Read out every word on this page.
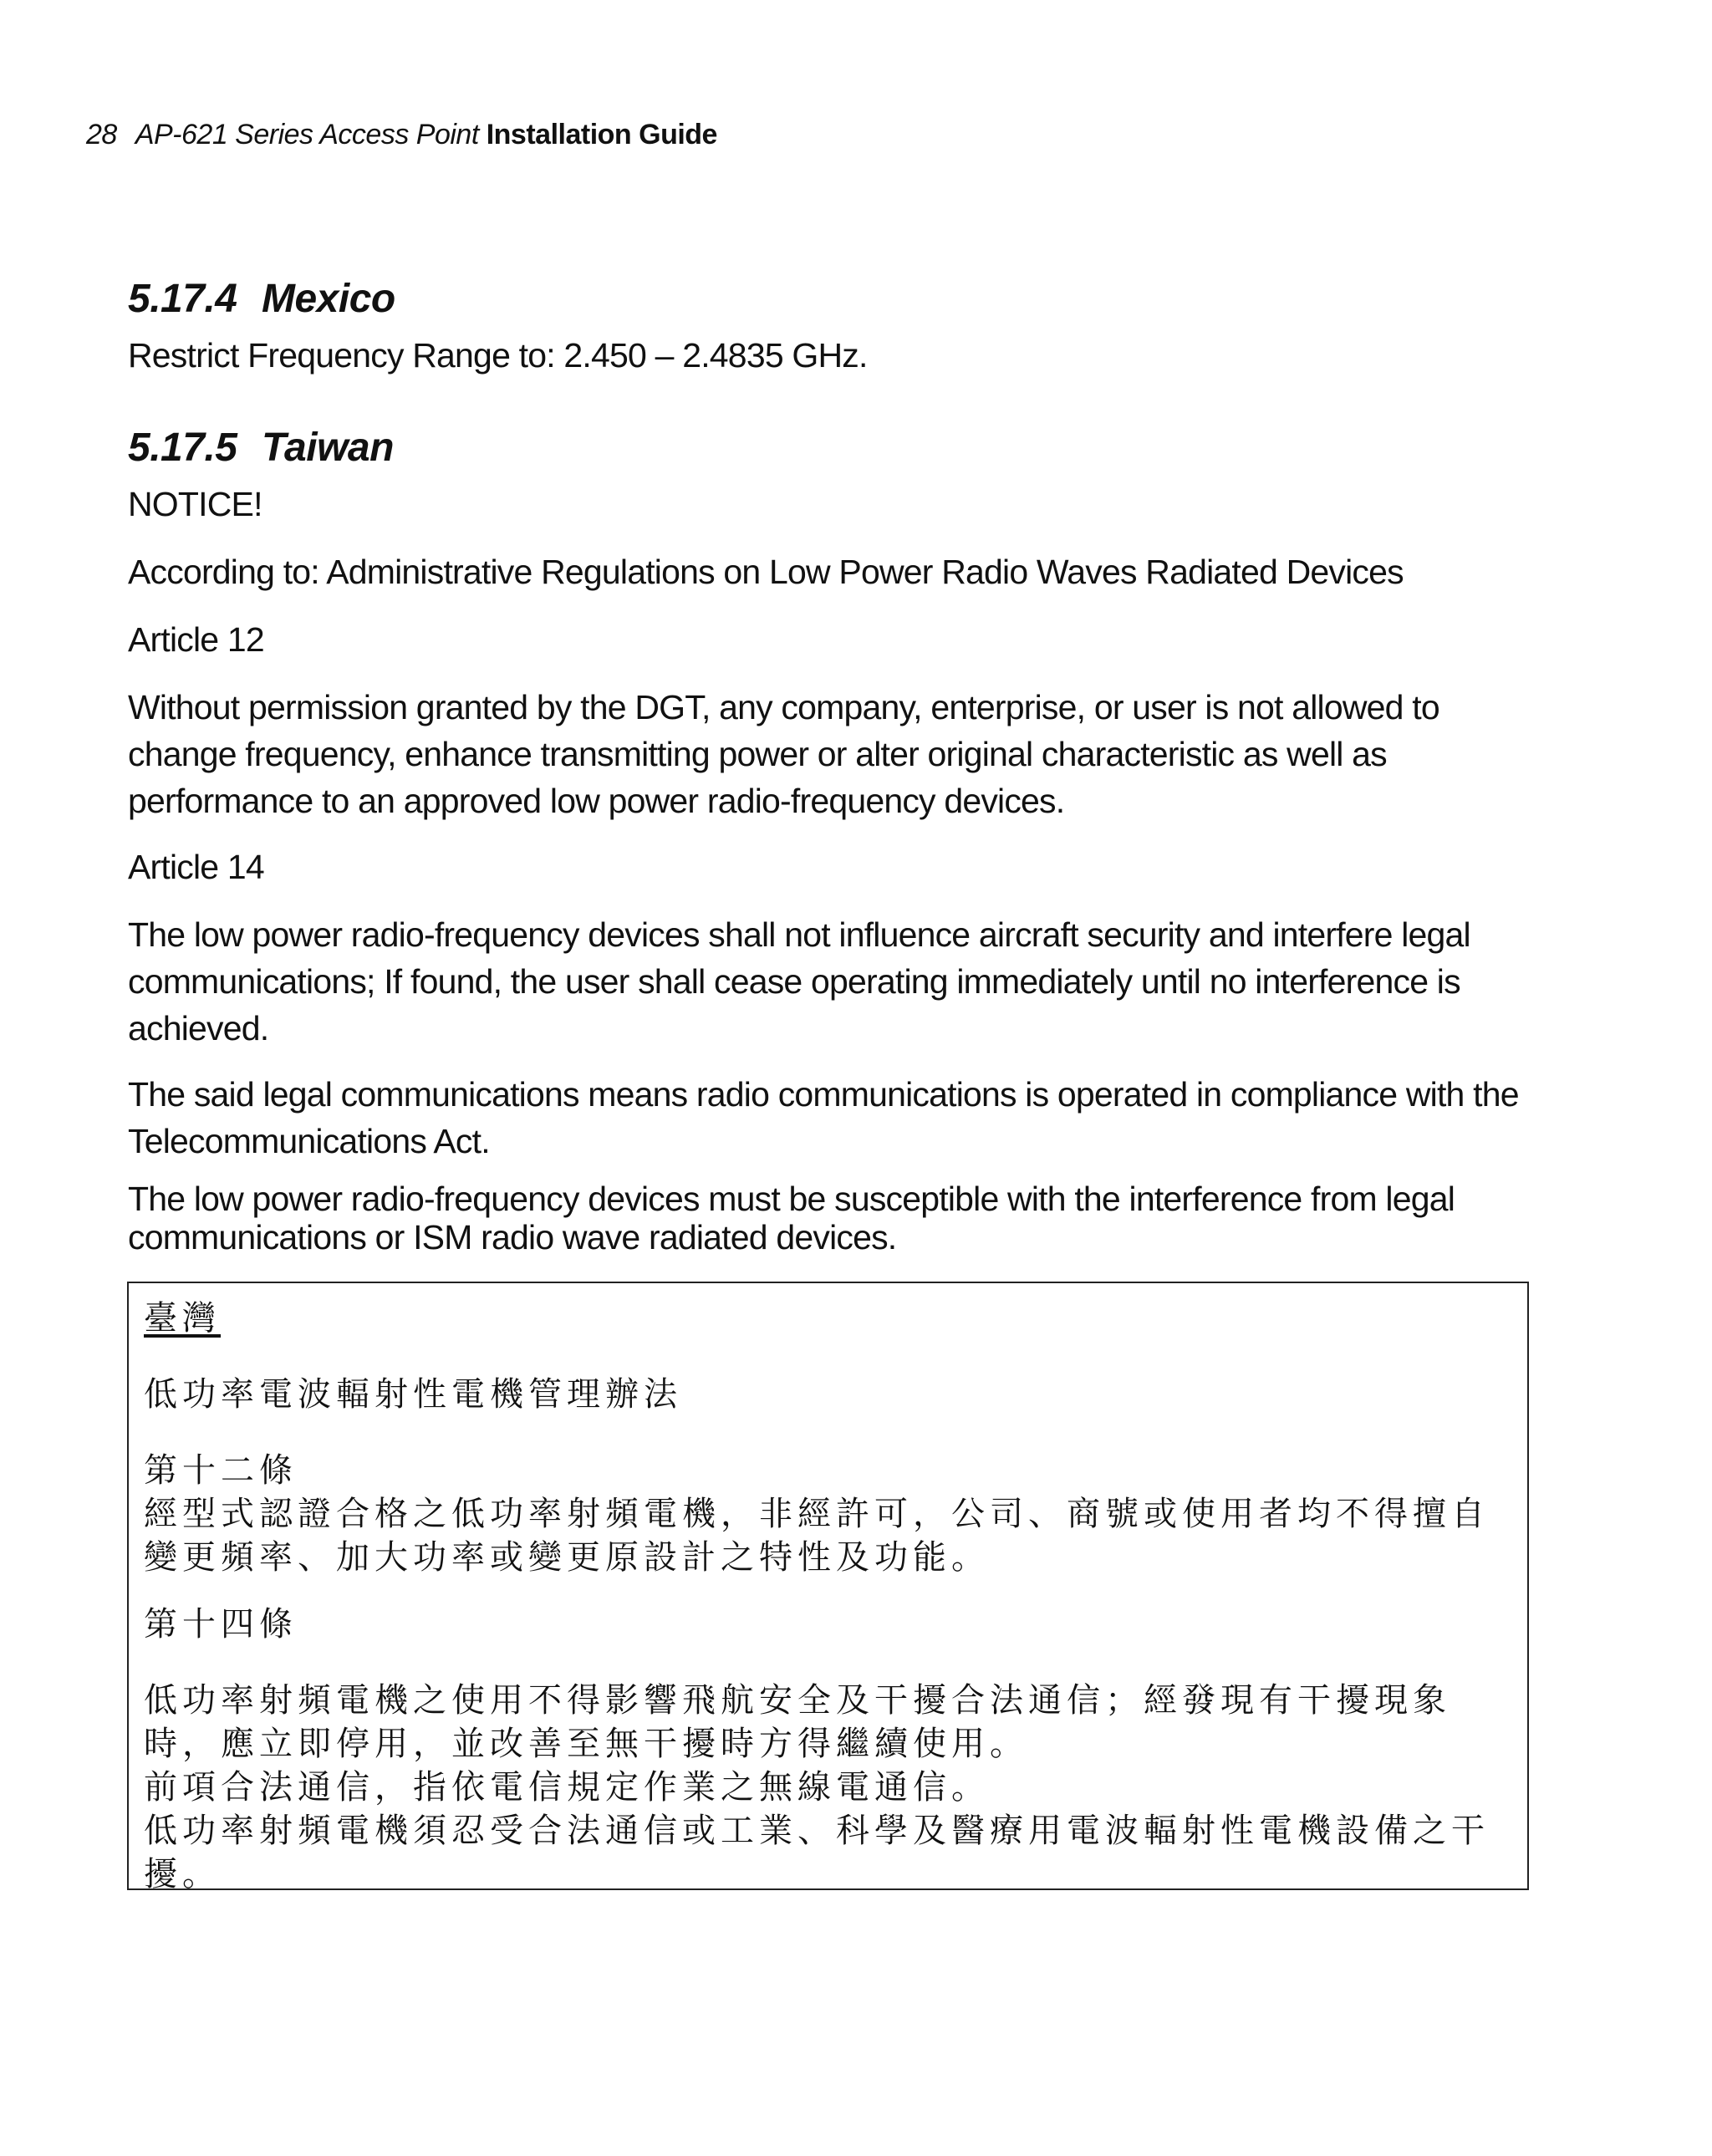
28 AP-621 Series Access Point Installation Guide
5.17.4 Mexico

Restrict Frequency Range to: 2.450 – 2.4835 GHz.

5.17.5 Taiwan

NOTICE!

According to: Administrative Regulations on Low Power Radio Waves Radiated Devices

Article 12

Without permission granted by the DGT, any company, enterprise, or user is not allowed to change frequency, enhance transmitting power or alter original characteristic as well as performance to an approved low power radio-frequency devices.

Article 14

The low power radio-frequency devices shall not influence aircraft security and interfere legal communications; If found, the user shall cease operating immediately until no interference is achieved.

The said legal communications means radio communications is operated in compliance with the Telecommunications Act.

The low power radio-frequency devices must be susceptible with the interference from legal communications or ISM radio wave radiated devices.

臺灣

低功率電波輻射性電機管理辦法

第十二條

經型式認證合格之低功率射頻電機，非經許可，公司、商號或使用者均不得擅自變更頻率、加大功率或變更原設計之特性及功能。

第十四條

低功率射頻電機之使用不得影響飛航安全及干擾合法通信；經發現有干擾現象時，應立即停用，並改善至無干擾時方得繼續使用。

前項合法通信，指依電信規定作業之無線電通信。

低功率射頻電機須忍受合法通信或工業、科學及醫療用電波輻射性電機設備之干擾。
